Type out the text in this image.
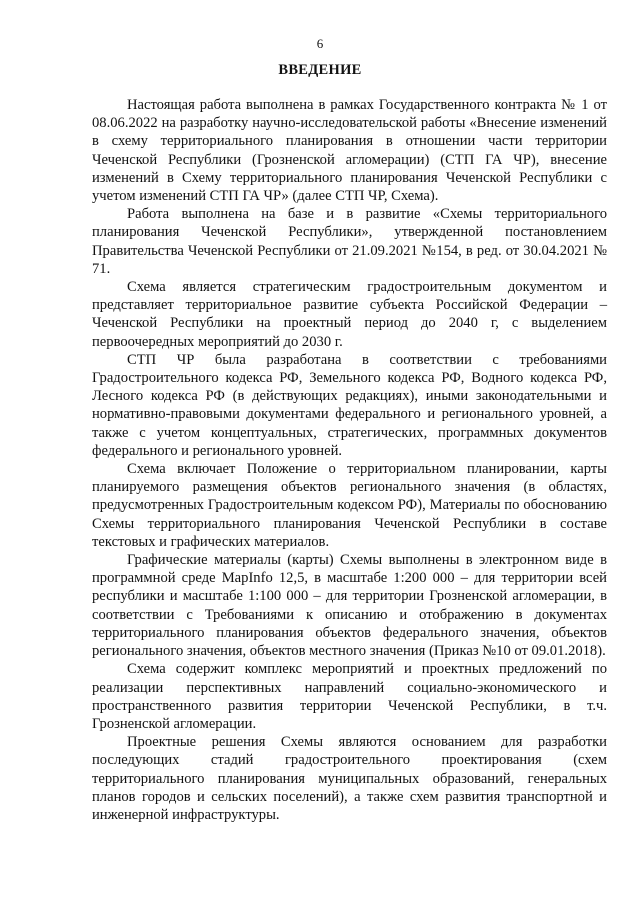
6
ВВЕДЕНИЕ

Настоящая работа выполнена в рамках Государственного контракта № 1 от 08.06.2022 на разработку научно-исследовательской работы «Внесение изменений в схему территориального планирования в отношении части территории Чеченской Республики (Грозненской агломерации) (СТП ГА ЧР), внесение изменений в Схему территориального планирования Чеченской Республики с учетом изменений СТП ГА ЧР» (далее СТП ЧР, Схема).

Работа выполнена на базе и в развитие «Схемы территориального планирования Чеченской Республики», утвержденной постановлением Правительства Чеченской Республики от 21.09.2021 №154, в ред. от 30.04.2021 № 71.

Схема является стратегическим градостроительным документом и представляет территориальное развитие субъекта Российской Федерации – Чеченской Республики на проектный период до 2040 г, с выделением первоочередных мероприятий до 2030 г.

СТП ЧР была разработана в соответствии с требованиями Градостроительного кодекса РФ, Земельного кодекса РФ, Водного кодекса РФ, Лесного кодекса РФ (в действующих редакциях), иными законодательными и нормативно-правовыми документами федерального и регионального уровней, а также с учетом концептуальных, стратегических, программных документов федерального и регионального уровней.

Схема включает Положение о территориальном планировании, карты планируемого размещения объектов регионального значения (в областях, предусмотренных Градостроительным кодексом РФ), Материалы по обоснованию Схемы территориального планирования Чеченской Республики в составе текстовых и графических материалов.

Графические материалы (карты) Схемы выполнены в электронном виде в программной среде MapInfo 12,5, в масштабе 1:200 000 – для территории всей республики и масштабе 1:100 000 – для территории Грозненской агломерации, в соответствии с Требованиями к описанию и отображению в документах территориального планирования объектов федерального значения, объектов регионального значения, объектов местного значения (Приказ №10 от 09.01.2018).

Схема содержит комплекс мероприятий и проектных предложений по реализации перспективных направлений социально-экономического и пространственного развития территории Чеченской Республики, в т.ч. Грозненской агломерации.

Проектные решения Схемы являются основанием для разработки последующих стадий градостроительного проектирования (схем территориального планирования муниципальных образований, генеральных планов городов и сельских поселений), а также схем развития транспортной и инженерной инфраструктуры.
